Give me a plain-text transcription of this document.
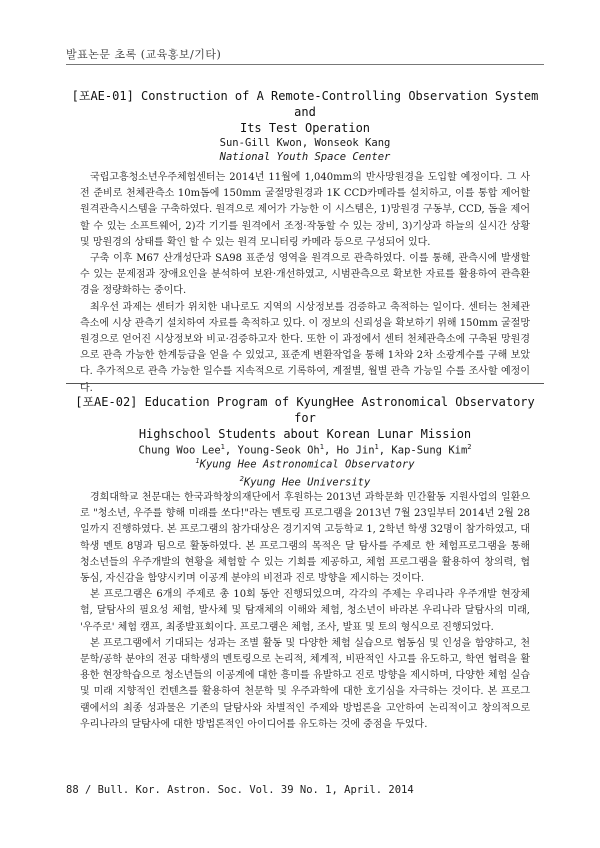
발표논문 초록 (교육홍보/기타)
[포AE-01] Construction of A Remote-Controlling Observation System and
Its Test Operation
Sun-Gill Kwon, Wonseok Kang
National Youth Space Center

국립고흥청소년우주체험센터는 2014년 11월에 1,040mm의 반사망원경을 도입할 예정이다. 그 사전 준비로 천체관측소 10m돔에 150mm 굴절망원경과 1K CCD카메라를 설치하고, 이를 통합 제어할 원격관측시스템을 구축하였다. 원격으로 제어가 가능한 이 시스템은, 1)망원경 구동부, CCD, 돔을 제어할 수 있는 소프트웨어, 2)각 기기를 원격에서 조정·작동할 수 있는 장비, 3)기상과 하늘의 실시간 상황 및 망원경의 상태를 확인 할 수 있는 원격 모니터링 카메라 등으로 구성되어 있다.

구축 이후 M67 산개성단과 SA98 표준성 영역을 원격으로 관측하였다. 이를 통해, 관측시에 발생할 수 있는 문제점과 장애요인을 분석하여 보완·개선하였고, 시범관측으로 확보한 자료를 활용하여 관측환경을 정량화하는 중이다.

최우선 과제는 센터가 위치한 내나로도 지역의 시상정보를 검증하고 축적하는 일이다. 센터는 천체관측소에 시상 관측기 설치하여 자료를 축적하고 있다. 이 정보의 신뢰성을 확보하기 위해 150mm 굴절망원경으로 얻어진 시상정보와 비교·검증하고자 한다. 또한 이 과정에서 센터 천체관측소에 구축된 망원경으로 관측 가능한 한계등급을 얻을 수 있었고, 표준계 변환작업을 통해 1차와 2차 소광계수를 구해 보았다. 추가적으로 관측 가능한 일수를 지속적으로 기록하여, 계절별, 월별 관측 가능일 수를 조사할 예정이다.

[포AE-02] Education Program of KyungHee Astronomical Observatory for
Highschool Students about Korean Lunar Mission
Chung Woo Lee$^1$, Young-Seok Oh$^1$, Ho Jin$^1$, Kap-Sung Kim$^2$
$^1$Kyung Hee Astronomical Observatory
$^2$Kyung Hee University

경희대학교 천문대는 한국과학창의재단에서 후원하는 2013년 과학문화 민간활동 지원사업의 일환으로 "청소년, 우주를 향해 미래를 쏘다!"라는 멘토링 프로그램을 2013년 7월 23일부터 2014년 2월 28일까지 진행하였다. 본 프로그램의 참가대상은 경기지역 고등학교 1, 2학년 학생 32명이 참가하였고, 대학생 멘토 8명과 팀으로 활동하였다. 본 프로그램의 목적은 달 탐사를 주제로 한 체험프로그램을 통해 청소년들의 우주개발의 현황을 체험할 수 있는 기회를 제공하고, 체험 프로그램을 활용하여 창의력, 협동심, 자신감을 함양시키며 이공계 분야의 비전과 진로 방향을 제시하는 것이다.

본 프로그램은 6개의 주제로 총 10회 동안 진행되었으며, 각각의 주제는 우리나라 우주개발 현장체험, 달탐사의 필요성 체험, 발사체 및 탐재체의 이해와 체험, 청소년이 바라본 우리나라 달탐사의 미래, '우주로' 체험 캠프, 최종발표회이다. 프로그램은 체험, 조사, 발표 및 토의 형식으로 진행되었다.

본 프로그램에서 기대되는 성과는 조별 활동 및 다양한 체험 실습으로 협동심 및 인성을 함양하고, 천문학/공학 분야의 전공 대학생의 멘토링으로 논리적, 체계적, 비판적인 사고를 유도하고, 학연 협력을 활용한 현장학습으로 청소년들의 이공계에 대한 흥미를 유발하고 진로 방향을 제시하며, 다양한 체험 실습 및 미래 지향적인 컨텐츠를 활용하여 천문학 및 우주과학에 대한 호기심을 자극하는 것이다. 본 프로그램에서의 최종 성과물은 기존의 달탐사와 차별적인 주제와 방법론을 고안하여 논리적이고 창의적으로 우리나라의 달탐사에 대한 방법론적인 아이디어를 유도하는 것에 중점을 두었다.

88 / Bull. Kor. Astron. Soc. Vol. 39 No. 1, April. 2014
